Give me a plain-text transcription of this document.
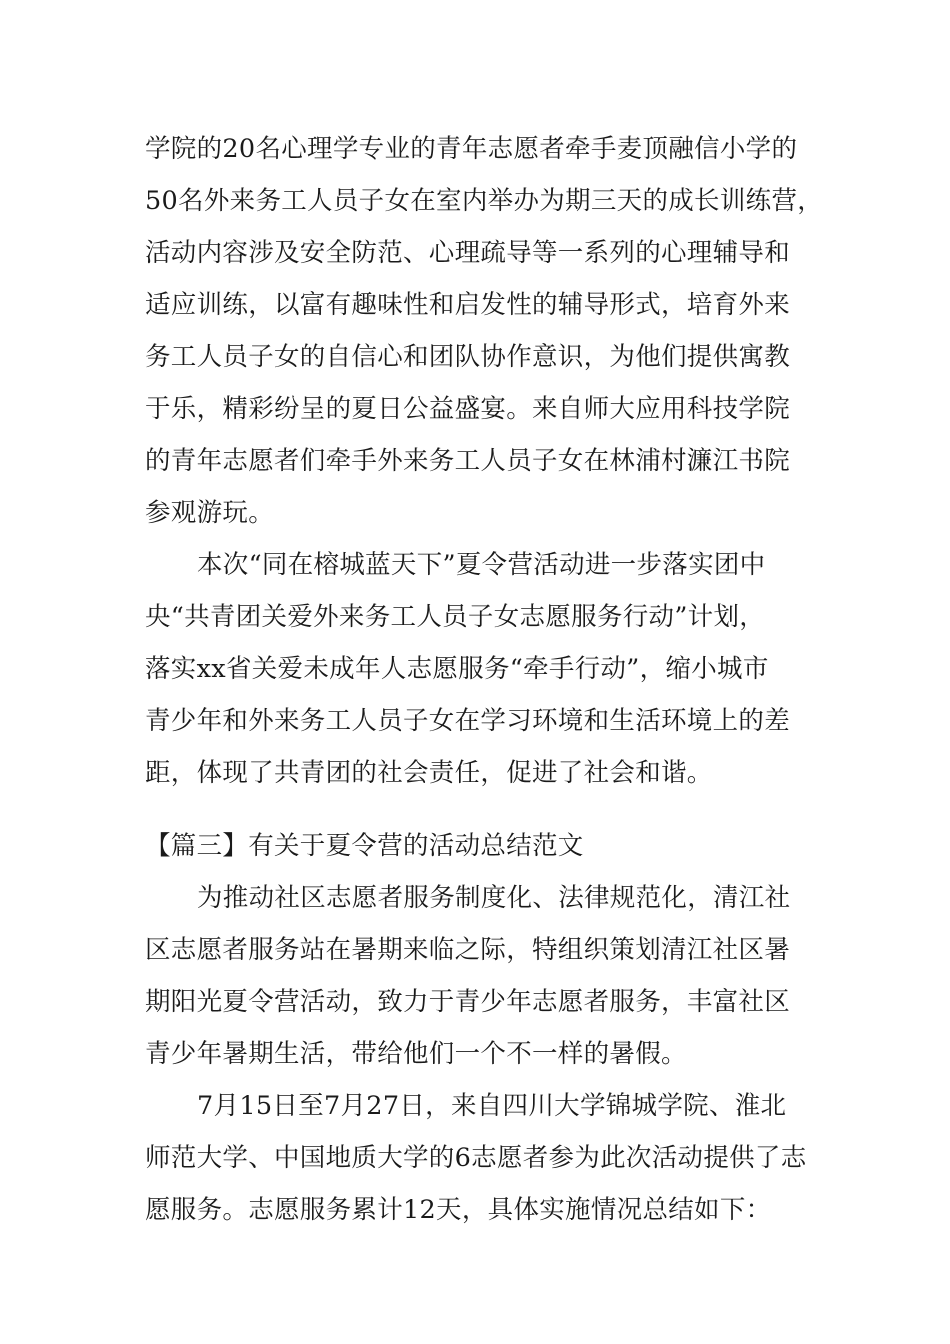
学院的20名心理学专业的青年志愿者牵手麦顶融信小学的
50名外来务工人员子女在室内举办为期三天的成长训练营，
活动内容涉及安全防范、心理疏导等一系列的心理辅导和
适应训练，以富有趣味性和启发性的辅导形式，培育外来
务工人员子女的自信心和团队协作意识，为他们提供寓教
于乐，精彩纷呈的夏日公益盛宴。来自师大应用科技学院
的青年志愿者们牵手外来务工人员子女在林浦村濂江书院
参观游玩。
本次“同在榕城蓝天下”夏令营活动进一步落实团中
央“共青团关爱外来务工人员子女志愿服务行动”计划，
落实xx省关爱未成年人志愿服务“牵手行动”，缩小城市
青少年和外来务工人员子女在学习环境和生活环境上的差
距，体现了共青团的社会责任，促进了社会和谐。
【篇三】有关于夏令营的活动总结范文
为推动社区志愿者服务制度化、法律规范化，清江社
区志愿者服务站在暑期来临之际，特组织策划清江社区暑
期阳光夏令营活动，致力于青少年志愿者服务，丰富社区
青少年暑期生活，带给他们一个不一样的暑假。
7月15日至7月27日，来自四川大学锦城学院、淮北
师范大学、中国地质大学的6志愿者参为此次活动提供了志
愿服务。志愿服务累计12天，具体实施情况总结如下：
